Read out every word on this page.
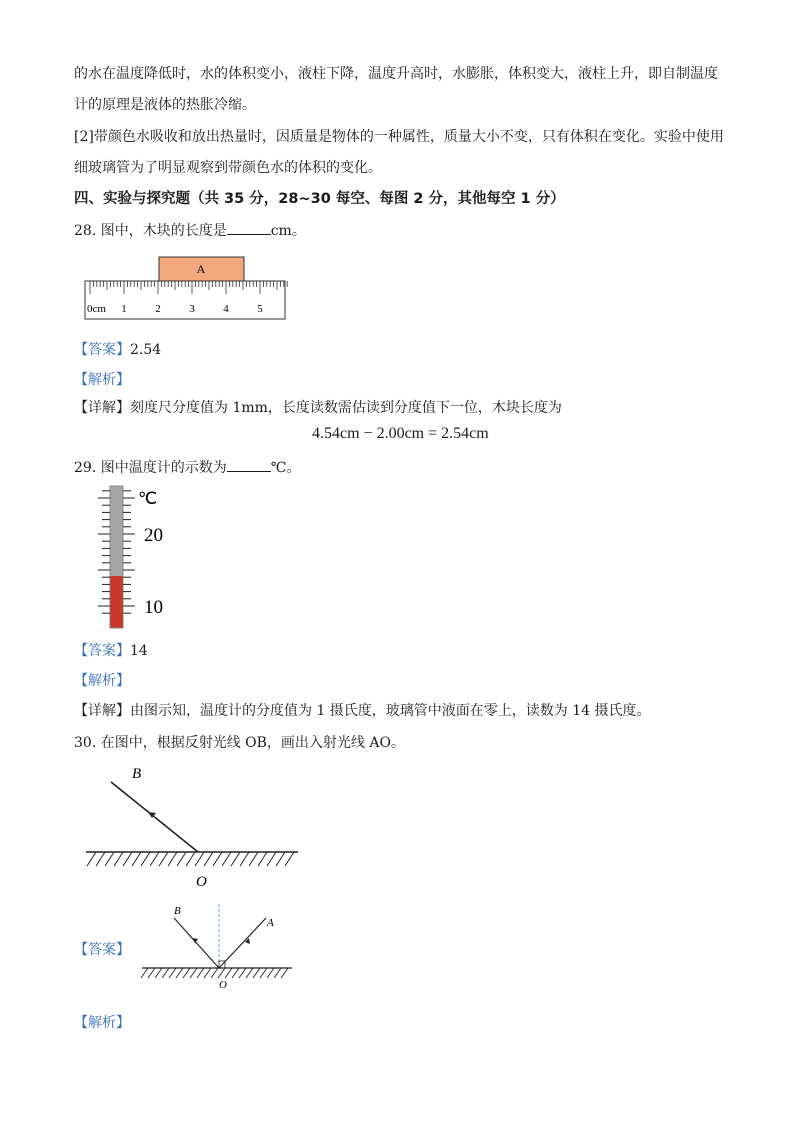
的水在温度降低时，水的体积变小，液柱下降，温度升高时，水膨胀，体积变大，液柱上升，即自制温度
计的原理是液体的热胀冷缩。
[2]带颜色水吸收和放出热量时，因质量是物体的一种属性，质量大小不变，只有体积在变化。实验中使用
细玻璃管为了明显观察到带颜色水的体积的变化。
四、实验与探究题（共 35 分，28~30 每空、每图 2 分，其他每空 1 分）
28. 图中，木块的长度是	cm。
A
0cm 1	2	3	4	5
【答案】2.54
【解析】
【详解】刻度尺分度值为 1mm，长度读数需估读到分度值下一位，木块长度为
4.54cm − 2.00cm = 2.54cm
29. 图中温度计的示数为	℃。
℃
20
10
【答案】14
【解析】
【详解】由图示知，温度计的分度值为 1 摄氏度，玻璃管中液面在零上，读数为 14 摄氏度。
30. 在图中，根据反射光线 OB，画出入射光线 AO。
B
O
【答案】
B
A
O
【解析】
